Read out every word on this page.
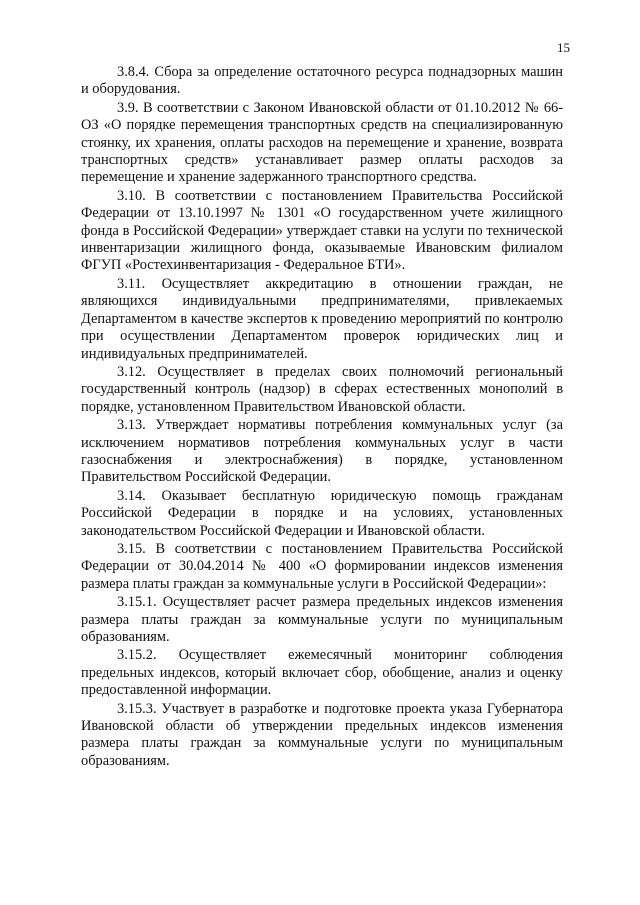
15

3.8.4. Сбора за определение остаточного ресурса поднадзорных машин и оборудования.

3.9. В соответствии с Законом Ивановской области от 01.10.2012 № 66-ОЗ «О порядке перемещения транспортных средств на специализированную стоянку, их хранения, оплаты расходов на перемещение и хранение, возврата транспортных средств» устанавливает размер оплаты расходов за перемещение и хранение задержанного транспортного средства.

3.10. В соответствии с постановлением Правительства Российской Федерации от 13.10.1997 № 1301 «О государственном учете жилищного фонда в Российской Федерации» утверждает ставки на услуги по технической инвентаризации жилищного фонда, оказываемые Ивановским филиалом ФГУП «Ростехинвентаризация - Федеральное БТИ».

3.11. Осуществляет аккредитацию в отношении граждан, не являющихся индивидуальными предпринимателями, привлекаемых Департаментом в качестве экспертов к проведению мероприятий по контролю при осуществлении Департаментом проверок юридических лиц и индивидуальных предпринимателей.

3.12. Осуществляет в пределах своих полномочий региональный государственный контроль (надзор) в сферах естественных монополий в порядке, установленном Правительством Ивановской области.

3.13. Утверждает нормативы потребления коммунальных услуг (за исключением нормативов потребления коммунальных услуг в части газоснабжения и электроснабжения) в порядке, установленном Правительством Российской Федерации.

3.14. Оказывает бесплатную юридическую помощь гражданам Российской Федерации в порядке и на условиях, установленных законодательством Российской Федерации и Ивановской области.

3.15. В соответствии с постановлением Правительства Российской Федерации от 30.04.2014 № 400 «О формировании индексов изменения размера платы граждан за коммунальные услуги в Российской Федерации»:

3.15.1. Осуществляет расчет размера предельных индексов изменения размера платы граждан за коммунальные услуги по муниципальным образованиям.

3.15.2. Осуществляет ежемесячный мониторинг соблюдения предельных индексов, который включает сбор, обобщение, анализ и оценку предоставленной информации.

3.15.3. Участвует в разработке и подготовке проекта указа Губернатора Ивановской области об утверждении предельных индексов изменения размера платы граждан за коммунальные услуги по муниципальным образованиям.
